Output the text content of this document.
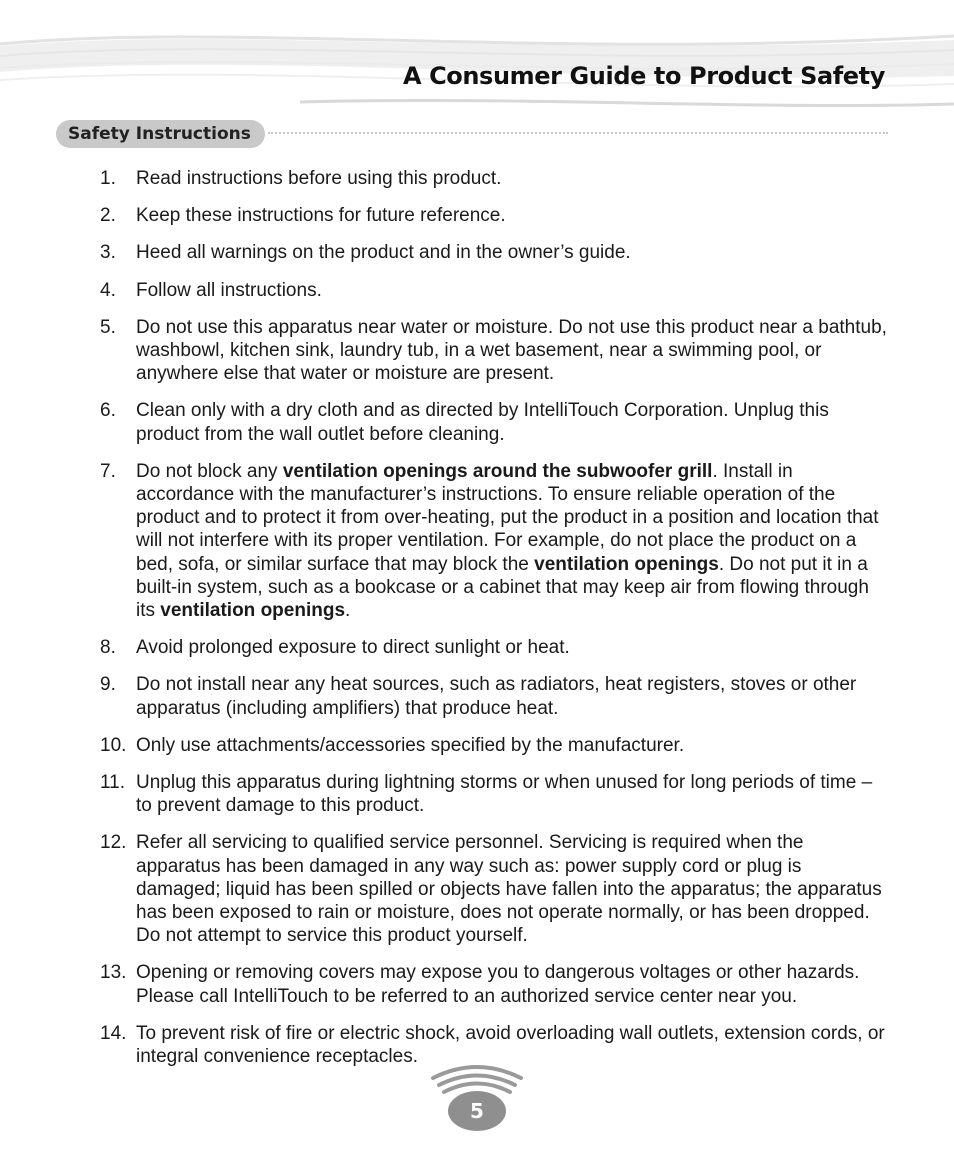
A Consumer Guide to Product Safety
Safety Instructions
1. Read instructions before using this product.
2. Keep these instructions for future reference.
3. Heed all warnings on the product and in the owner’s guide.
4. Follow all instructions.
5. Do not use this apparatus near water or moisture. Do not use this product near a bathtub, washbowl, kitchen sink, laundry tub, in a wet basement, near a swimming pool, or anywhere else that water or moisture are present.
6. Clean only with a dry cloth and as directed by IntelliTouch Corporation. Unplug this product from the wall outlet before cleaning.
7. Do not block any ventilation openings around the subwoofer grill. Install in accordance with the manufacturer’s instructions. To ensure reliable operation of the product and to protect it from over-heating, put the product in a position and location that will not interfere with its proper ventilation. For example, do not place the product on a bed, sofa, or similar surface that may block the ventilation openings. Do not put it in a built-in system, such as a bookcase or a cabinet that may keep air from flowing through its ventilation openings.
8. Avoid prolonged exposure to direct sunlight or heat.
9. Do not install near any heat sources, such as radiators, heat registers, stoves or other apparatus (including amplifiers) that produce heat.
10. Only use attachments/accessories specified by the manufacturer.
11. Unplug this apparatus during lightning storms or when unused for long periods of time – to prevent damage to this product.
12. Refer all servicing to qualified service personnel. Servicing is required when the apparatus has been damaged in any way such as: power supply cord or plug is damaged; liquid has been spilled or objects have fallen into the apparatus; the apparatus has been exposed to rain or moisture, does not operate normally, or has been dropped. Do not attempt to service this product yourself.
13. Opening or removing covers may expose you to dangerous voltages or other hazards. Please call IntelliTouch to be referred to an authorized service center near you.
14. To prevent risk of fire or electric shock, avoid overloading wall outlets, extension cords, or integral convenience receptacles.
5
